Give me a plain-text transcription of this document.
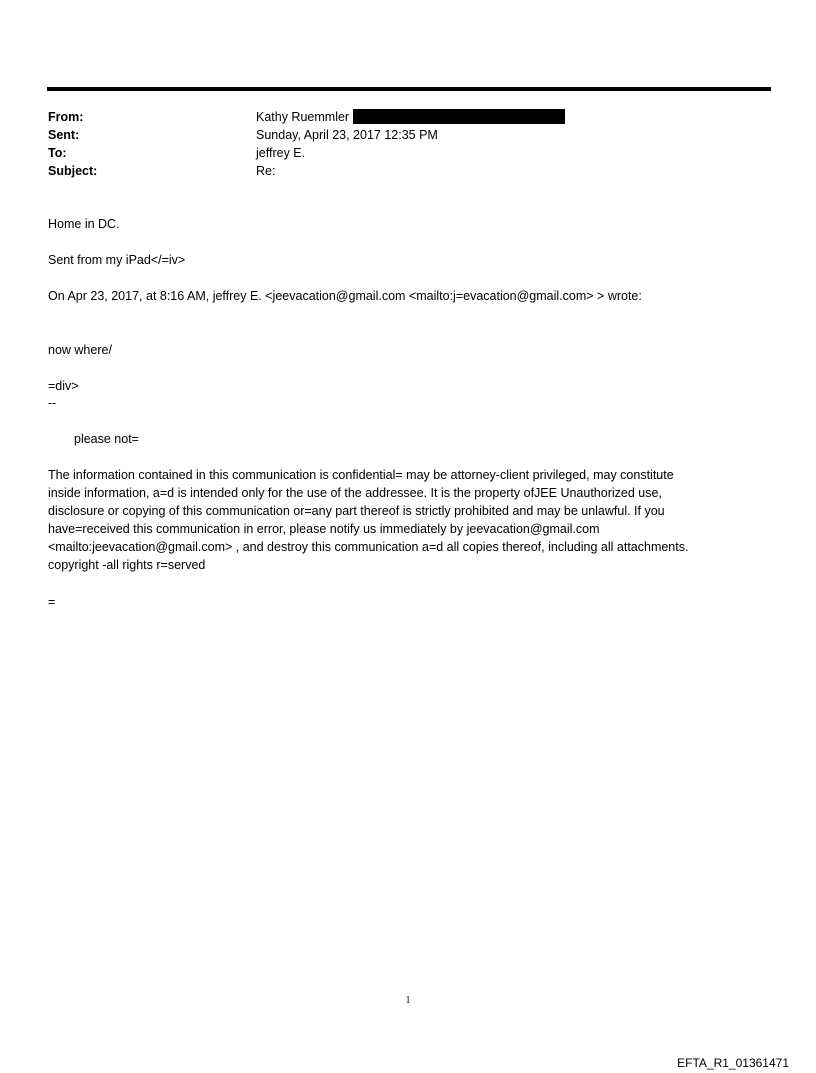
From:	Kathy Ruemmler
Sent:	Sunday, April 23, 2017 12:35 PM
To:	jeffrey E.
Subject:	Re:
Home in DC.
Sent from my iPad</=iv>
On Apr 23, 2017, at 8:16 AM, jeffrey E. <jeevacation@gmail.com <mailto:j=evacation@gmail.com> > wrote:
now where/
=div>
--
please not=
The information contained in this communication is confidential= may be attorney-client privileged, may constitute
inside information, a=d is intended only for the use of the addressee. It is the property ofJEE Unauthorized use,
disclosure or copying of this communication or=any part thereof is strictly prohibited and may be unlawful. If you
have=received this communication in error, please notify us immediately by jeevacation@gmail.com
<mailto:jeevacation@gmail.com> , and destroy this communication a=d all copies thereof, including all attachments.
copyright -all rights r=served
=
1
EFTA_R1_01361471
